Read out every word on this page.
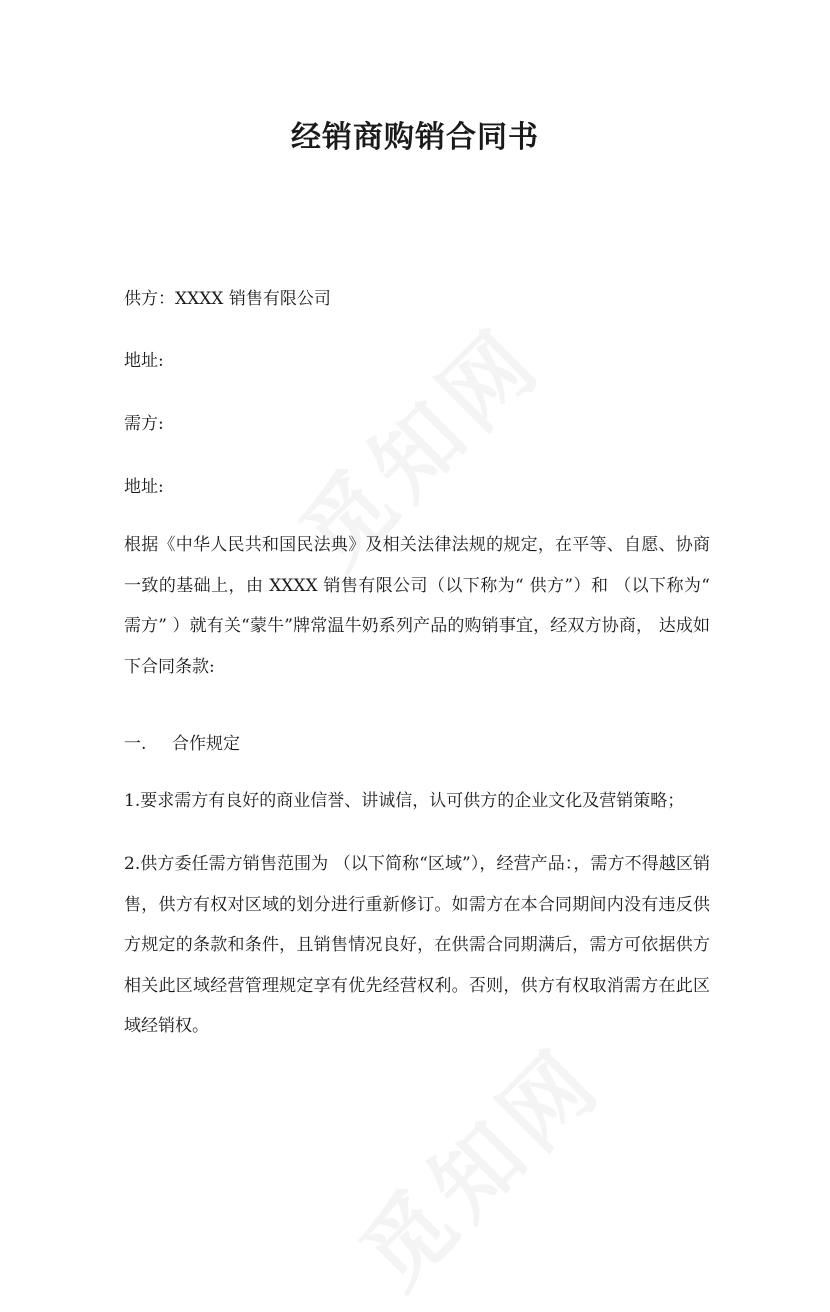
经销商购销合同书

供方：XXXX 销售有限公司

地址:

需方:

地址:

根据《中华人民共和国民法典》及相关法律法规的规定，在平等、自愿、协商一致的基础上，由 XXXX 销售有限公司（以下称为“ 供方”）和 （以下称为“ 需方” ）就有关“蒙牛”牌常温牛奶系列产品的购销事宜，经双方协商， 达成如下合同条款:

一. 合作规定

1.要求需方有良好的商业信誉、讲诚信，认可供方的企业文化及营销策略；

2.供方委任需方销售范围为 （以下简称“区域”），经营产品：，需方不得越区销售，供方有权对区域的划分进行重新修订。如需方在本合同期间内没有违反供方规定的条款和条件，且销售情况良好，在供需合同期满后，需方可依据供方相关此区域经营管理规定享有优先经营权利。否则，供方有权取消需方在此区域经销权。
